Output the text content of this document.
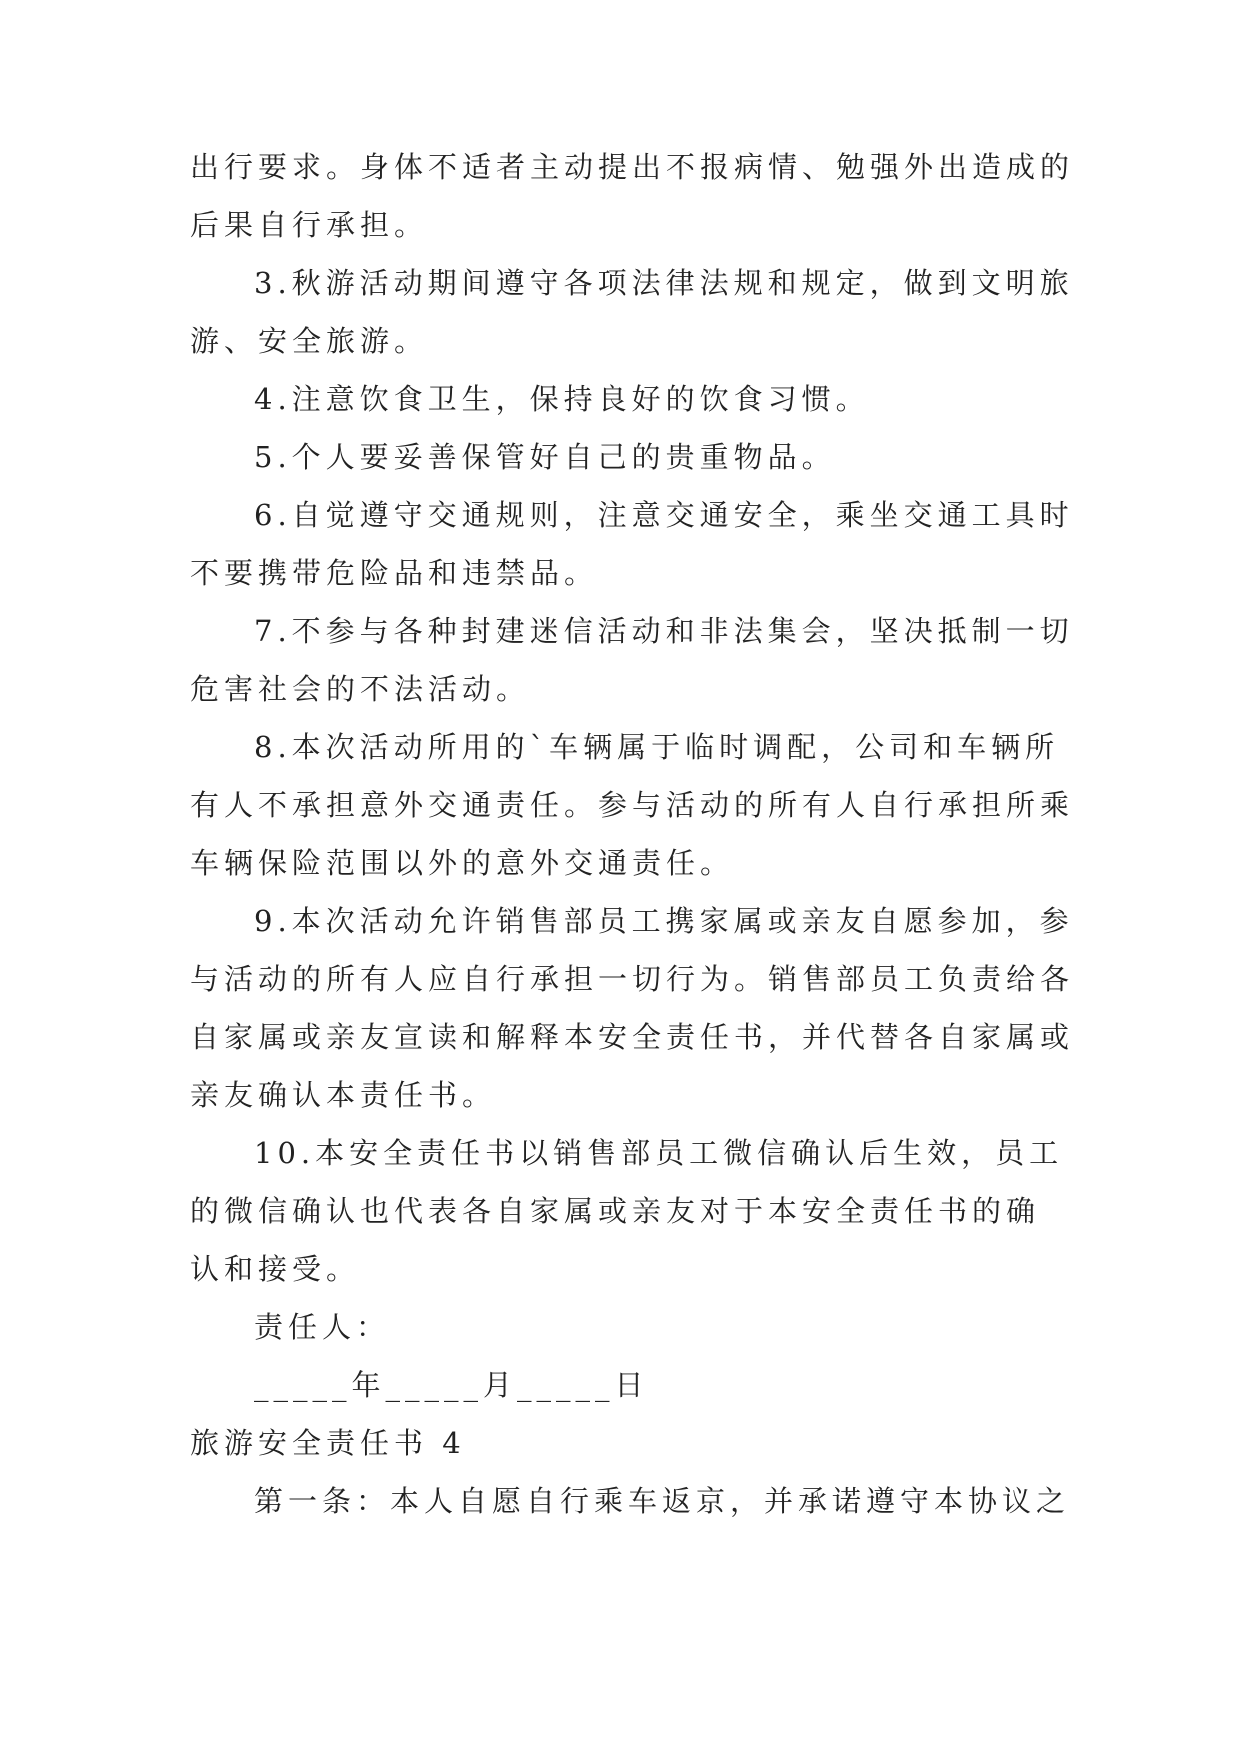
出行要求。身体不适者主动提出不报病情、勉强外出造成的
后果自行承担。
3.秋游活动期间遵守各项法律法规和规定，做到文明旅
游、安全旅游。
4.注意饮食卫生，保持良好的饮食习惯。
5.个人要妥善保管好自己的贵重物品。
6.自觉遵守交通规则，注意交通安全，乘坐交通工具时
不要携带危险品和违禁品。
7.不参与各种封建迷信活动和非法集会，坚决抵制一切
危害社会的不法活动。
8.本次活动所用的`车辆属于临时调配，公司和车辆所
有人不承担意外交通责任。参与活动的所有人自行承担所乘
车辆保险范围以外的意外交通责任。
9.本次活动允许销售部员工携家属或亲友自愿参加，参
与活动的所有人应自行承担一切行为。销售部员工负责给各
自家属或亲友宣读和解释本安全责任书，并代替各自家属或
亲友确认本责任书。
10.本安全责任书以销售部员工微信确认后生效，员工
的微信确认也代表各自家属或亲友对于本安全责任书的确
认和接受。
责任人：
_____年_____月_____日
旅游安全责任书 4
第一条：本人自愿自行乘车返京，并承诺遵守本协议之
